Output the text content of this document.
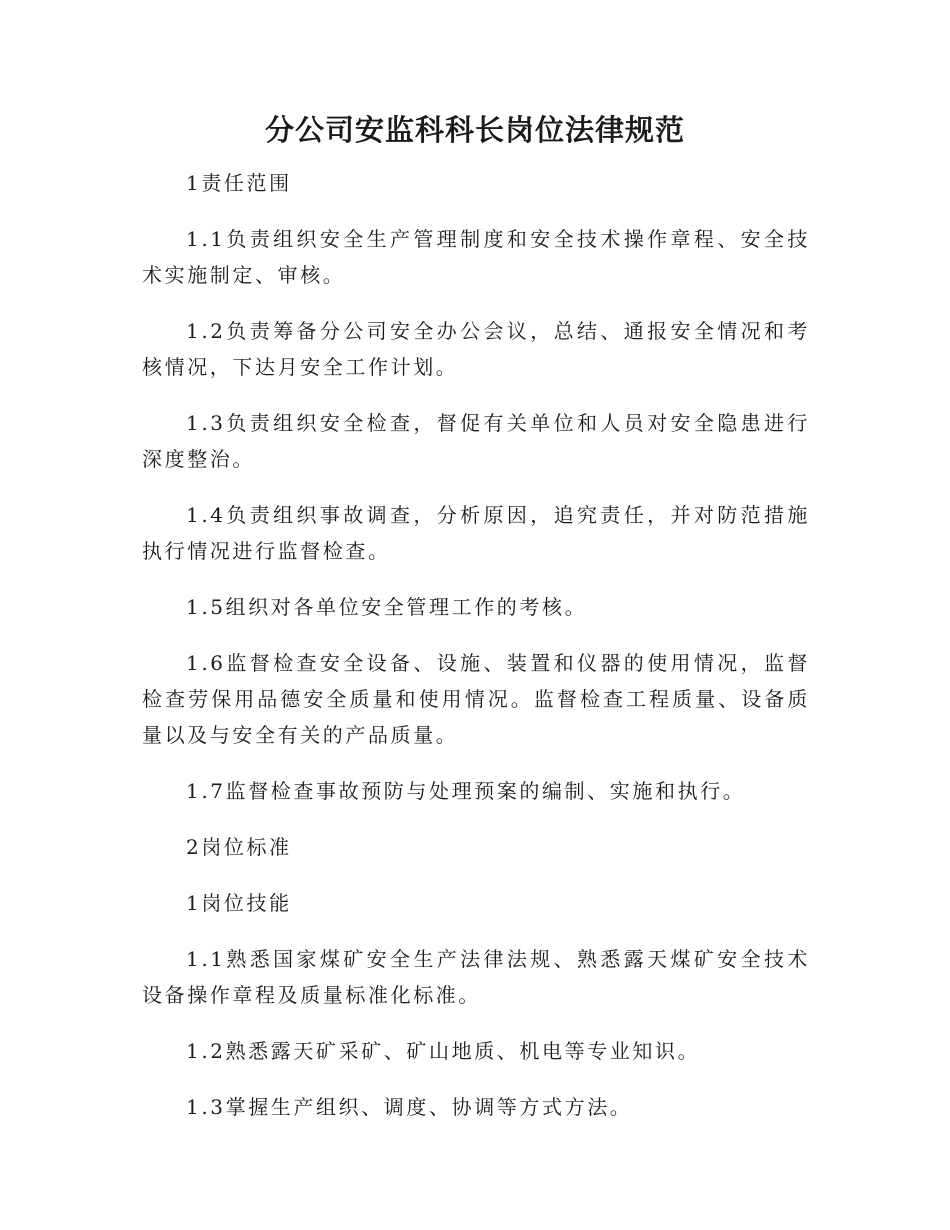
分公司安监科科长岗位法律规范

1责任范围

1.1负责组织安全生产管理制度和安全技术操作章程、安全技术实施制定、审核。

1.2负责筹备分公司安全办公会议，总结、通报安全情况和考核情况，下达月安全工作计划。

1.3负责组织安全检查，督促有关单位和人员对安全隐患进行深度整治。

1.4负责组织事故调查，分析原因，追究责任，并对防范措施执行情况进行监督检查。

1.5组织对各单位安全管理工作的考核。

1.6监督检查安全设备、设施、装置和仪器的使用情况，监督检查劳保用品德安全质量和使用情况。监督检查工程质量、设备质量以及与安全有关的产品质量。

1.7监督检查事故预防与处理预案的编制、实施和执行。

2岗位标准

1岗位技能

1.1熟悉国家煤矿安全生产法律法规、熟悉露天煤矿安全技术设备操作章程及质量标准化标准。

1.2熟悉露天矿采矿、矿山地质、机电等专业知识。

1.3掌握生产组织、调度、协调等方式方法。
